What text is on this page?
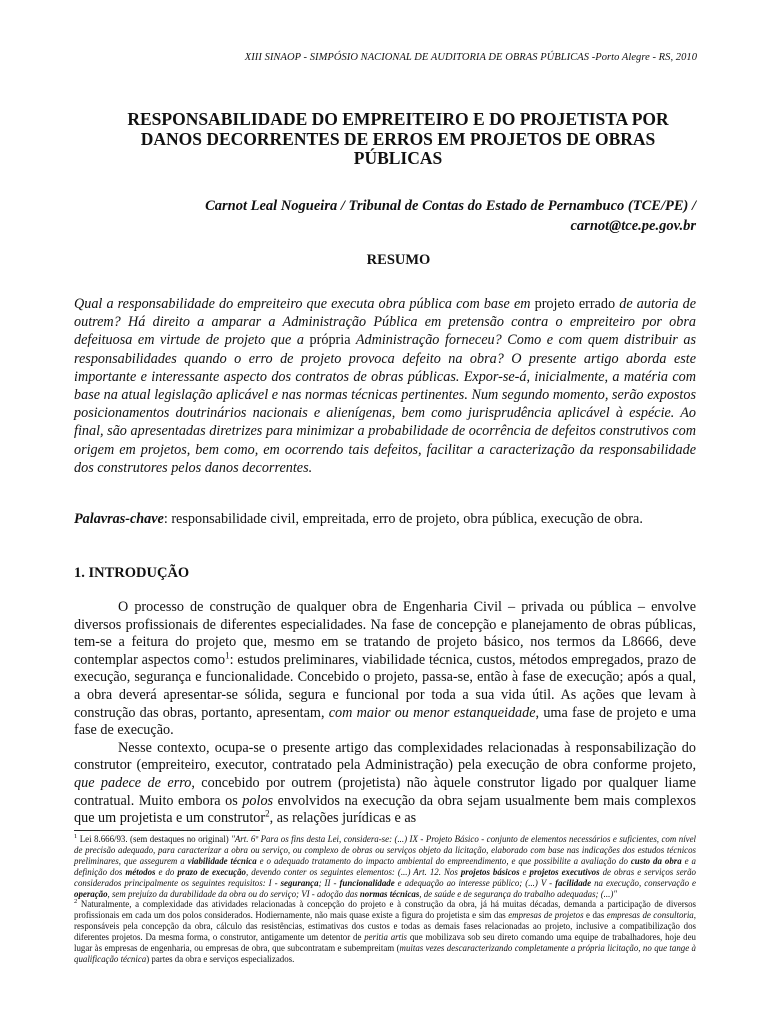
XIII SINAOP - SIMPÓSIO NACIONAL DE AUDITORIA DE OBRAS PÚBLICAS -Porto Alegre - RS, 2010
RESPONSABILIDADE DO EMPREITEIRO E DO PROJETISTA POR DANOS DECORRENTES DE ERROS EM PROJETOS DE OBRAS PÚBLICAS
Carnot Leal Nogueira / Tribunal de Contas do Estado de Pernambuco (TCE/PE) /
carnot@tce.pe.gov.br
RESUMO
Qual a responsabilidade do empreiteiro que executa obra pública com base em projeto errado de autoria de outrem? Há direito a amparar a Administração Pública em pretensão contra o empreiteiro por obra defeituosa em virtude de projeto que a própria Administração forneceu? Como e com quem distribuir as responsabilidades quando o erro de projeto provoca defeito na obra? O presente artigo aborda este importante e interessante aspecto dos contratos de obras públicas. Expor-se-á, inicialmente, a matéria com base na atual legislação aplicável e nas normas técnicas pertinentes. Num segundo momento, serão expostos posicionamentos doutrinários nacionais e alienígenas, bem como jurisprudência aplicável à espécie. Ao final, são apresentadas diretrizes para minimizar a probabilidade de ocorrência de defeitos construtivos com origem em projetos, bem como, em ocorrendo tais defeitos, facilitar a caracterização da responsabilidade dos construtores pelos danos decorrentes.
Palavras-chave: responsabilidade civil, empreitada, erro de projeto, obra pública, execução de obra.
1. INTRODUÇÃO

O processo de construção de qualquer obra de Engenharia Civil – privada ou pública – envolve diversos profissionais de diferentes especialidades. Na fase de concepção e planejamento de obras públicas, tem-se a feitura do projeto que, mesmo em se tratando de projeto básico, nos termos da L8666, deve contemplar aspectos como$^1$: estudos preliminares, viabilidade técnica, custos, métodos empregados, prazo de execução, segurança e funcionalidade. Concebido o projeto, passa-se, então à fase de execução; após a qual, a obra deverá apresentar-se sólida, segura e funcional por toda a sua vida útil. As ações que levam à construção das obras, portanto, apresentam, com maior ou menor estanqueidade, uma fase de projeto e uma fase de execução.

Nesse contexto, ocupa-se o presente artigo das complexidades relacionadas à responsabilização do construtor (empreiteiro, executor, contratado pela Administração) pela execução de obra conforme projeto, que padece de erro, concebido por outrem (projetista) não àquele construtor ligado por qualquer liame contratual. Muito embora os polos envolvidos na execução da obra sejam usualmente bem mais complexos que um projetista e um construtor$^2$, as relações jurídicas e as

$^1$ Lei 8.666/93. (sem destaques no original) "Art. 6º Para os fins desta Lei, considera-se: (...) IX - Projeto Básico - conjunto de elementos necessários e suficientes, com nível de precisão adequado, para caracterizar a obra ou serviço, ou complexo de obras ou serviços objeto da licitação, elaborado com base nas indicações dos estudos técnicos preliminares, que assegurem a viabilidade técnica e o adequado tratamento do impacto ambiental do empreendimento, e que possibilite a avaliação do custo da obra e a definição dos métodos e do prazo de execução, devendo conter os seguintes elementos: (...) Art. 12. Nos projetos básicos e projetos executivos de obras e serviços serão considerados principalmente os seguintes requisitos: I - segurança; II - funcionalidade e adequação ao interesse público; (...) V - facilidade na execução, conservação e operação, sem prejuízo da durabilidade da obra ou do serviço; VI - adoção das normas técnicas, de saúde e de segurança do trabalho adequadas; (...)"

$^2$ Naturalmente, a complexidade das atividades relacionadas à concepção do projeto e à construção da obra, já há muitas décadas, demanda a participação de diversos profissionais em cada um dos polos considerados. Hodiernamente, não mais quase existe a figura do projetista e sim das empresas de projetos e das empresas de consultoria, responsáveis pela concepção da obra, cálculo das resistências, estimativas dos custos e todas as demais fases relacionadas ao projeto, inclusive a compatibilização dos diferentes projetos. Da mesma forma, o construtor, antigamente um detentor de peritia artis que mobilizava sob seu direto comando uma equipe de trabalhadores, hoje deu lugar às empresas de engenharia, ou empresas de obra, que subcontratam e subempreitam (muitas vezes descaracterizando completamente a própria licitação, no que tange à qualificação técnica) partes da obra e serviços especializados.
